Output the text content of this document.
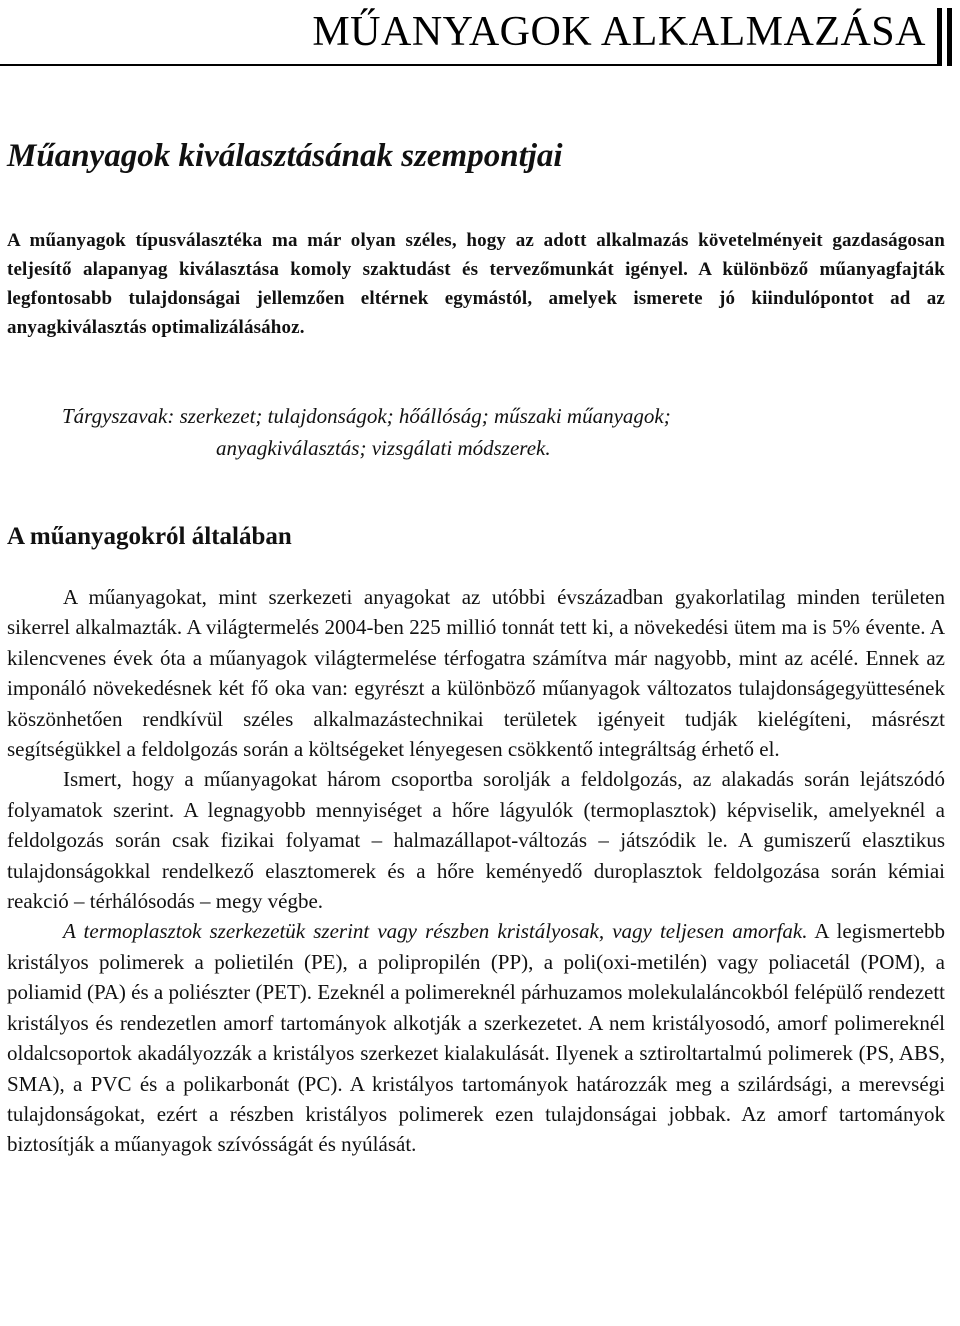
MŰANYAGOK ALKALMAZÁSA
Műanyagok kiválasztásának szempontjai

A műanyagok típusválasztéka ma már olyan széles, hogy az adott alkalmazás követelményeit gazdaságosan teljesítő alapanyag kiválasztása komoly szaktudást és tervezőmunkát igényel. A különböző műanyagfajták legfontosabb tulajdonságai jellemzően eltérnek egymástól, amelyek ismerete jó kiindulópontot ad az anyagkiválasztás optimalizálásához.

Tárgyszavak: szerkezet; tulajdonságok; hőállóság; műszaki műanyagok;
anyagkiválasztás; vizsgálati módszerek.

A műanyagokról általában

A műanyagokat, mint szerkezeti anyagokat az utóbbi évszázadban gyakorlatilag minden területen sikerrel alkalmazták. A világtermelés 2004-ben 225 millió tonnát tett ki, a növekedési ütem ma is 5% évente. A kilencvenes évek óta a műanyagok világtermelése térfogatra számítva már nagyobb, mint az acélé. Ennek az imponáló növekedésnek két fő oka van: egyrészt a különböző műanyagok változatos tulajdonságegyüttesének köszönhetően rendkívül széles alkalmazástechnikai területek igényeit tudják kielégíteni, másrészt segítségükkel a feldolgozás során a költségeket lényegesen csökkentő integráltság érhető el.

Ismert, hogy a műanyagokat három csoportba sorolják a feldolgozás, az alakadás során lejátszódó folyamatok szerint. A legnagyobb mennyiséget a hőre lágyulók (termoplasztok) képviselik, amelyeknél a feldolgozás során csak fizikai folyamat – halmazállapot-változás – játszódik le. A gumiszerű elasztikus tulajdonságokkal rendelkező elasztomerek és a hőre keményedő duroplasztok feldolgozása során kémiai reakció – térhálósodás – megy végbe.

A termoplasztok szerkezetük szerint vagy részben kristályosak, vagy teljesen amorfak. A legismertebb kristályos polimerek a polietilén (PE), a polipropilén (PP), a poli(oxi-metilén) vagy poliacetál (POM), a poliamid (PA) és a poliészter (PET). Ezeknél a polimereknél párhuzamos molekulaláncokból felépülő rendezett kristályos és rendezetlen amorf tartományok alkotják a szerkezetet. A nem kristályosodó, amorf polimereknél oldalcsoportok akadályozzák a kristályos szerkezet kialakulását. Ilyenek a sztiroltartalmú polimerek (PS, ABS, SMA), a PVC és a polikarbonát (PC). A kristályos tartományok határozzák meg a szilárdsági, a merevségi tulajdonságokat, ezért a részben kristályos polimerek ezen tulajdonságai jobbak. Az amorf tartományok biztosítják a műanyagok szívósságát és nyúlását.
